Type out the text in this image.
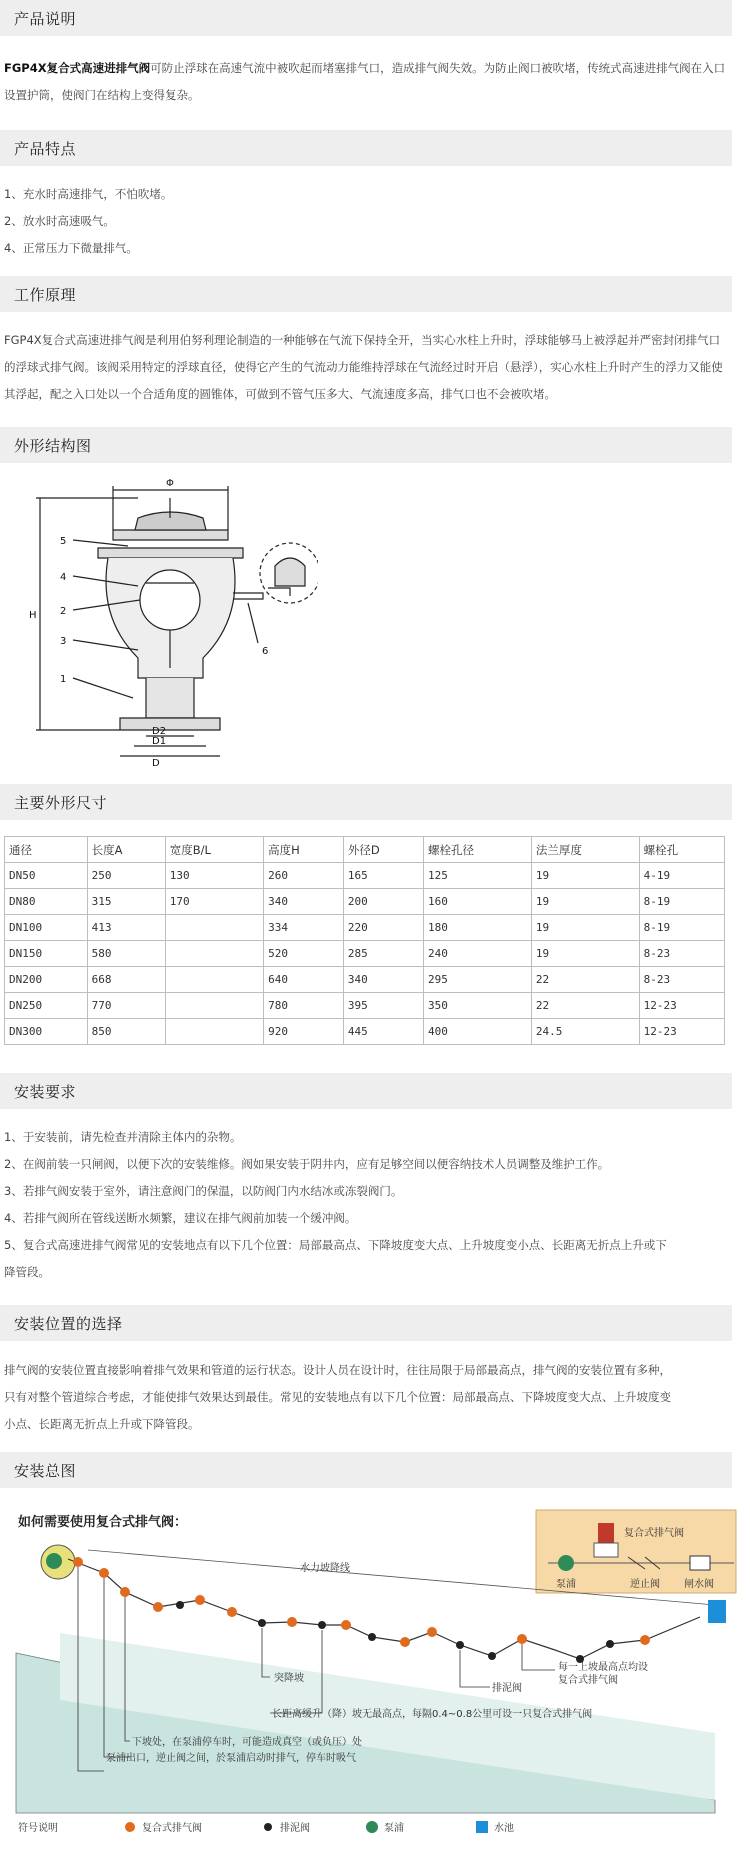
产品说明
FGP4X复合式高速进排气阀可防止浮球在高速气流中被吹起而堵塞排气口，造成排气阀失效。为防止阀口被吹堵，传统式高速进排气阀在入口设置护筒，使阀门在结构上变得复杂。
产品特点
1、充水时高速排气，不怕吹堵。
2、放水时高速吸气。
4、正常压力下微量排气。
工作原理
FGP4X复合式高速进排气阀是利用伯努利理论制造的一种能够在气流下保持全开，当实心水柱上升时，浮球能够马上被浮起并严密封闭排气口的浮球式排气阀。该阀采用特定的浮球直径，使得它产生的气流动力能维持浮球在气流经过时开启（悬浮），实心水柱上升时产生的浮力又能使其浮起，配之入口处以一个合适角度的圆锥体，可做到不管气压多大、气流速度多高，排气口也不会被吹堵。
外形结构图
Φ
H
5
4
2
3
1
6
D2
D1
D
主要外形尺寸
通径	长度A	宽度B/L	高度H	外径D	螺栓孔径	法兰厚度	螺栓孔
DN50	250	130	260	165	125	19	4-19
DN80	315	170	340	200	160	19	8-19
DN100	413		334	220	180	19	8-19
DN150	580		520	285	240	19	8-23
DN200	668		640	340	295	22	8-23
DN250	770		780	395	350	22	12-23
DN300	850		920	445	400	24.5	12-23
安装要求
1、于安装前，请先检查并清除主体内的杂物。
2、在阀前装一只闸阀，以便下次的安装维修。阀如果安装于阴井内，应有足够空间以便容纳技术人员调整及维护工作。
3、若排气阀安装于室外，请注意阀门的保温，以防阀门内水结冰或冻裂阀门。
4、若排气阀所在管线送断水频繁，建议在排气阀前加装一个缓冲阀。
5、复合式高速进排气阀常见的安装地点有以下几个位置：局部最高点、下降坡度变大点、上升坡度变小点、长距离无折点上升或下
降管段。
安装位置的选择
排气阀的安装位置直接影响着排气效果和管道的运行状态。设计人员在设计时，往往局限于局部最高点，排气阀的安装位置有多种，
只有对整个管道综合考虑，才能使排气效果达到最佳。常见的安装地点有以下几个位置：局部最高点、下降坡度变大点、上升坡度变
小点、长距离无折点上升或下降管段。
安装总图
如何需要使用复合式排气阀：
复合式排气阀
泵浦	逆止阀 闸水阀
水力坡降线
突降坡
排泥阀
每一上坡最高点均设
复合式排气阀
长距离缓升（降）坡无最高点，每隔0.4~0.8公里可设一只复合式排气阀
下坡处，在泵浦停车时，可能造成真空（或负压）处
泵浦出口，逆止阀之间，於泵浦启动时排气，停车时吸气
符号说明	复合式排气阀	排泥阀	泵浦	水池
